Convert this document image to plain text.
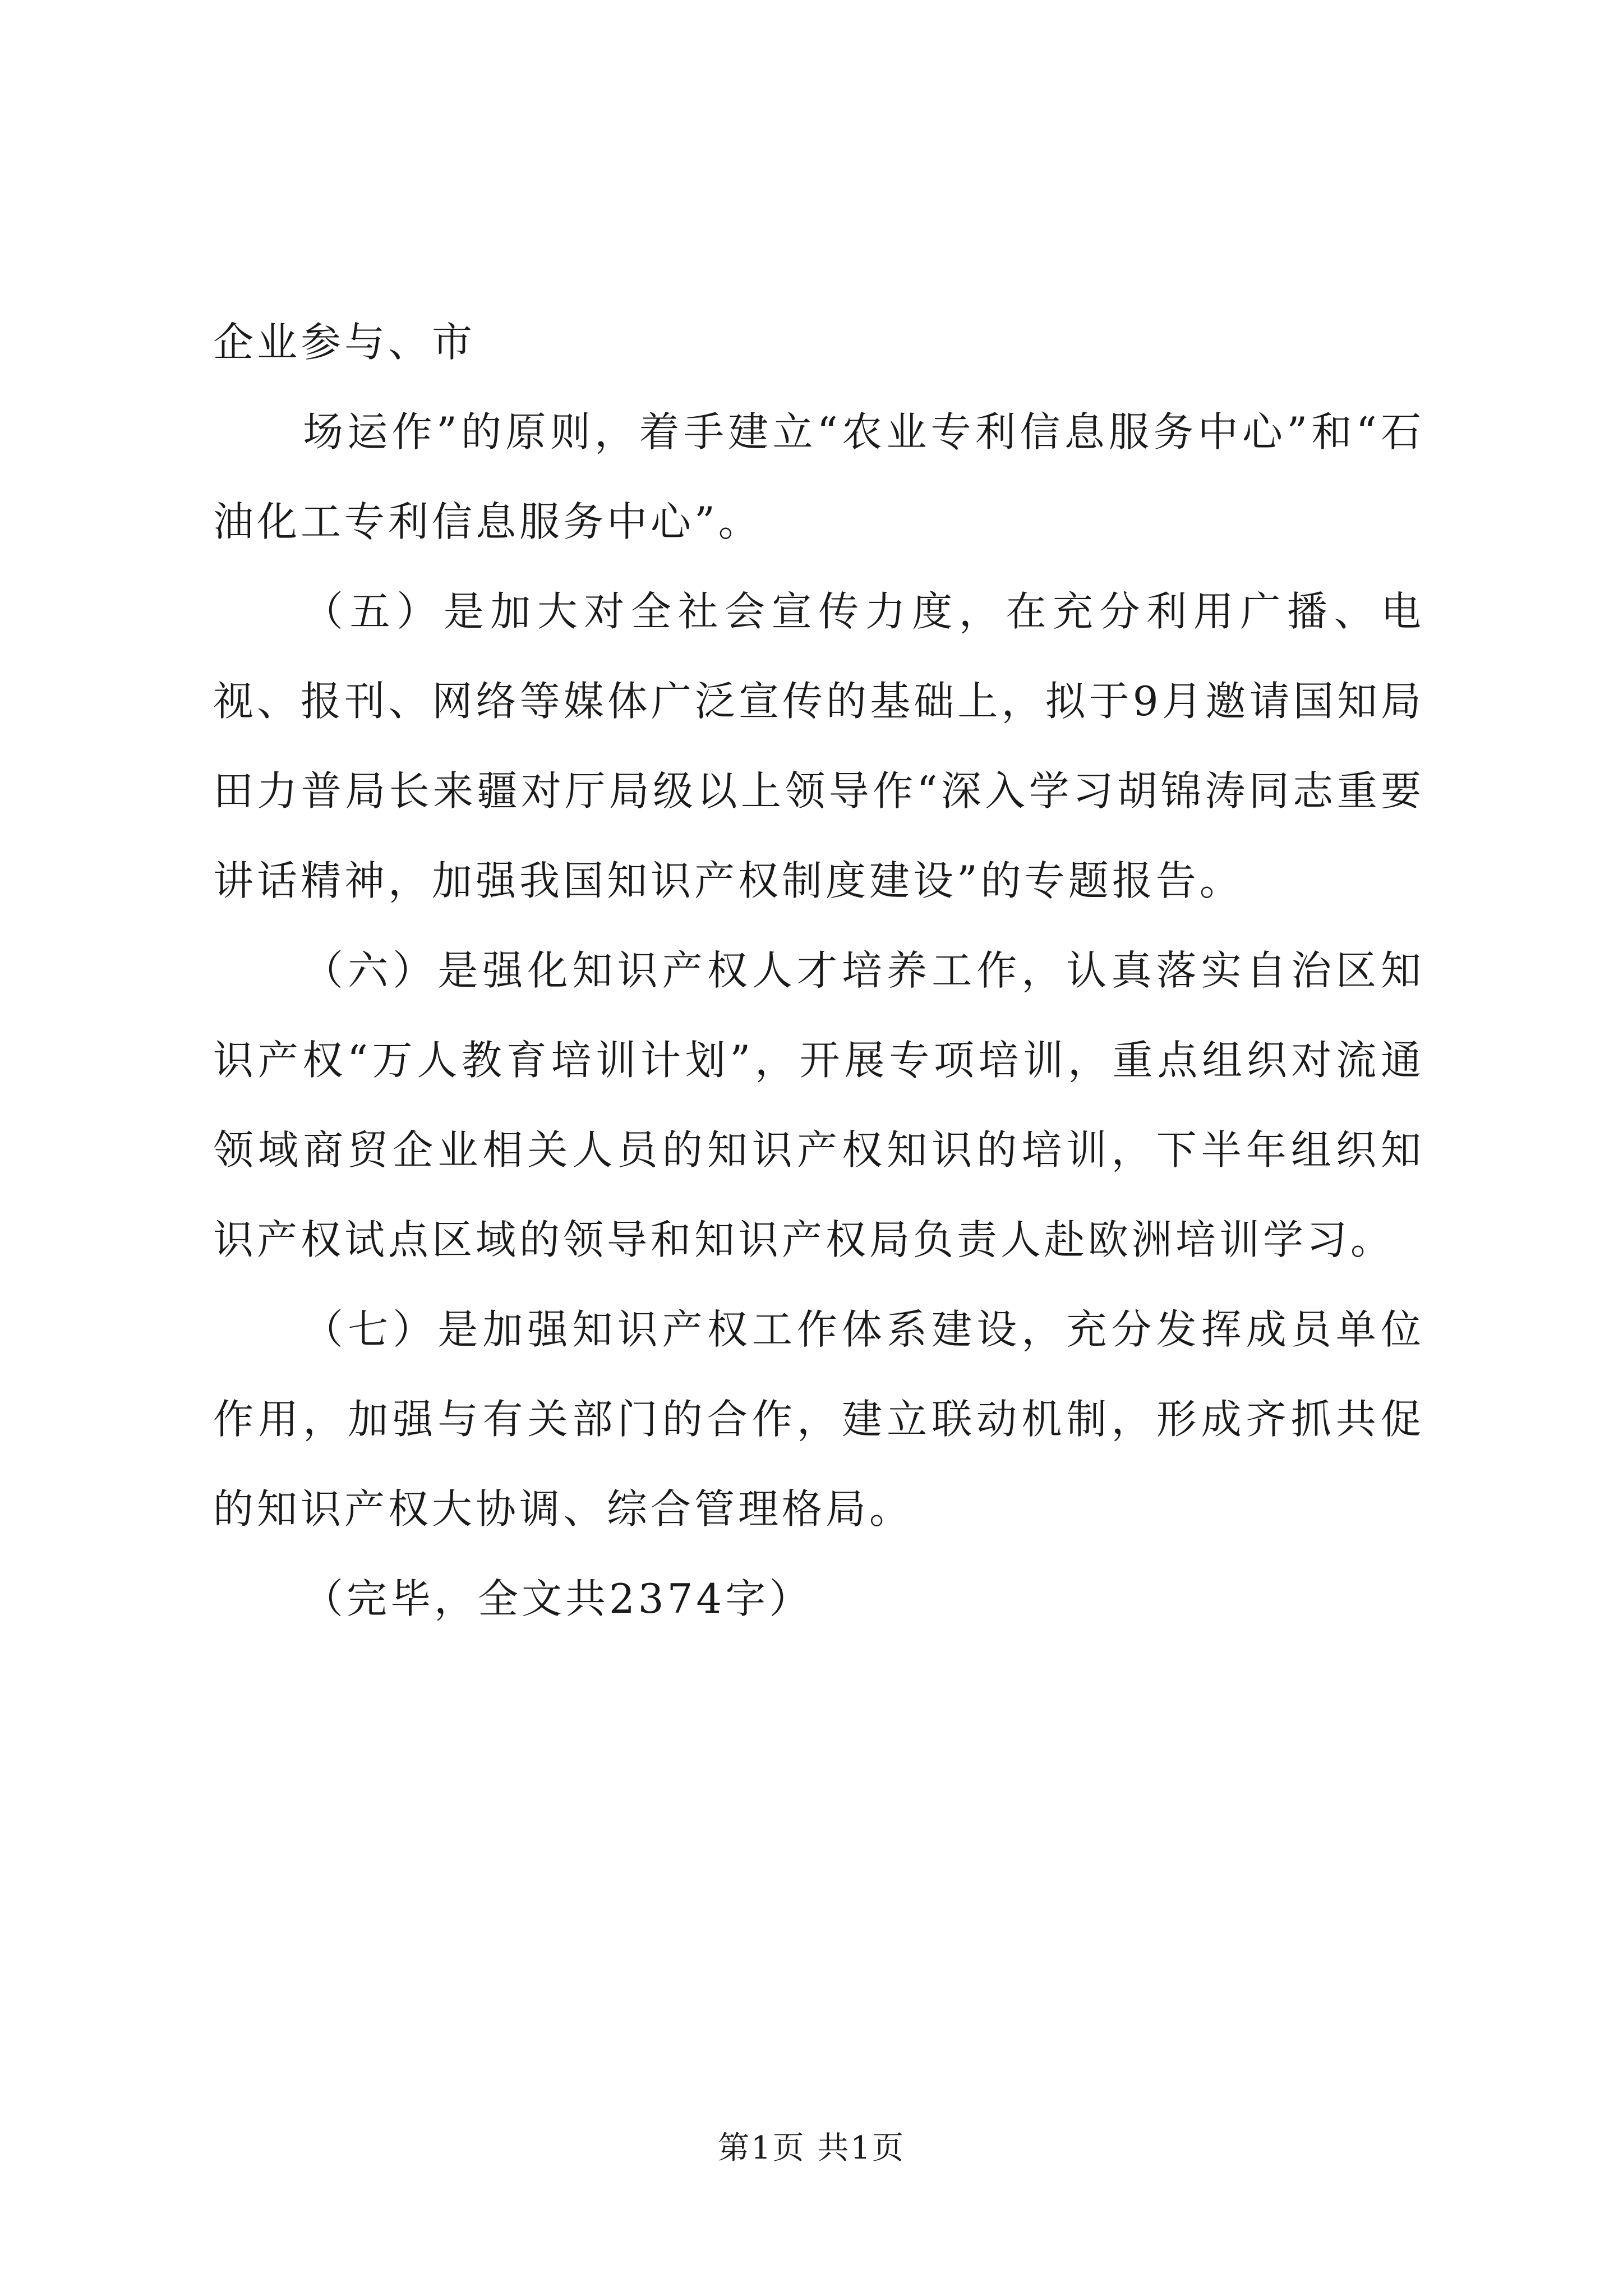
企业参与、市

场运作”的原则，着手建立“农业专利信息服务中心”和“石油化工专利信息服务中心”。

（五）是加大对全社会宣传力度，在充分利用广播、电视、报刊、网络等媒体广泛宣传的基础上，拟于9月邀请国知局田力普局长来疆对厅局级以上领导作“深入学习胡锦涛同志重要讲话精神，加强我国知识产权制度建设”的专题报告。

（六）是强化知识产权人才培养工作，认真落实自治区知识产权“万人教育培训计划”，开展专项培训，重点组织对流通领域商贸企业相关人员的知识产权知识的培训，下半年组织知识产权试点区域的领导和知识产权局负责人赴欧洲培训学习。

（七）是加强知识产权工作体系建设，充分发挥成员单位作用，加强与有关部门的合作，建立联动机制，形成齐抓共促的知识产权大协调、综合管理格局。

（完毕，全文共2374字）

第1页 共1页
